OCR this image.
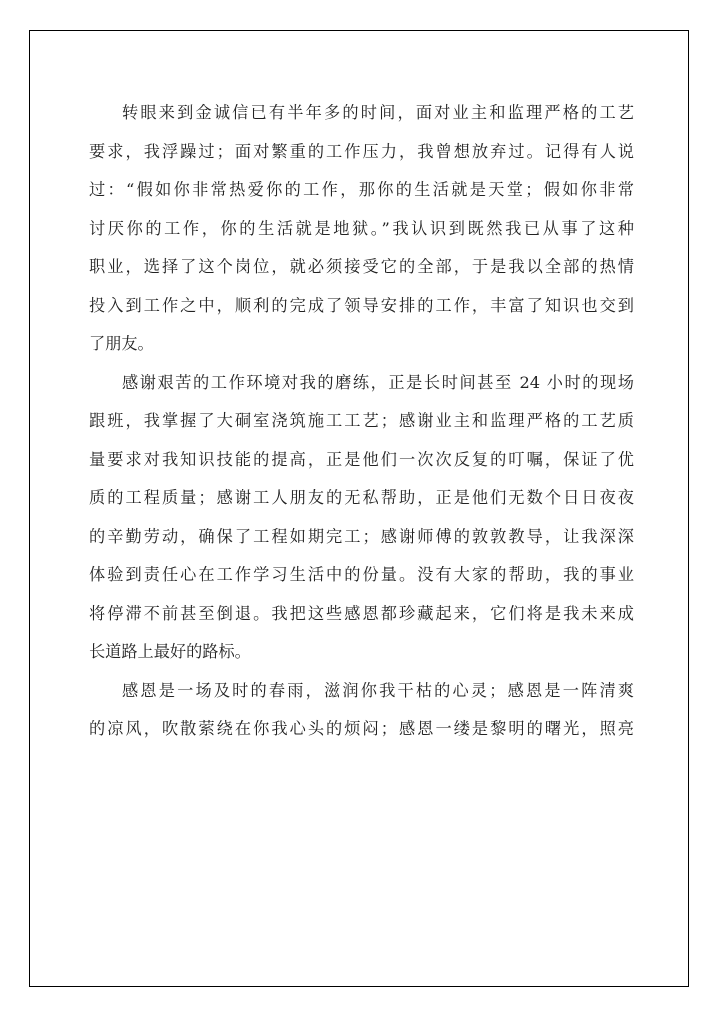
转眼来到金诚信已有半年多的时间，面对业主和监理严格的工艺
要求，我浮躁过；面对繁重的工作压力，我曾想放弃过。记得有人说
过：“假如你非常热爱你的工作，那你的生活就是天堂；假如你非常
讨厌你的工作，你的生活就是地狱。”我认识到既然我已从事了这种
职业，选择了这个岗位，就必须接受它的全部，于是我以全部的热情
投入到工作之中，顺利的完成了领导安排的工作，丰富了知识也交到
了朋友。
感谢艰苦的工作环境对我的磨练，正是长时间甚至 24 小时的现场
跟班，我掌握了大硐室浇筑施工工艺；感谢业主和监理严格的工艺质
量要求对我知识技能的提高，正是他们一次次反复的叮嘱，保证了优
质的工程质量；感谢工人朋友的无私帮助，正是他们无数个日日夜夜
的辛勤劳动，确保了工程如期完工；感谢师傅的敦敦教导，让我深深
体验到责任心在工作学习生活中的份量。没有大家的帮助，我的事业
将停滞不前甚至倒退。我把这些感恩都珍藏起来，它们将是我未来成
长道路上最好的路标。
感恩是一场及时的春雨，滋润你我干枯的心灵；感恩是一阵清爽
的凉风，吹散萦绕在你我心头的烦闷；感恩一缕是黎明的曙光，照亮
